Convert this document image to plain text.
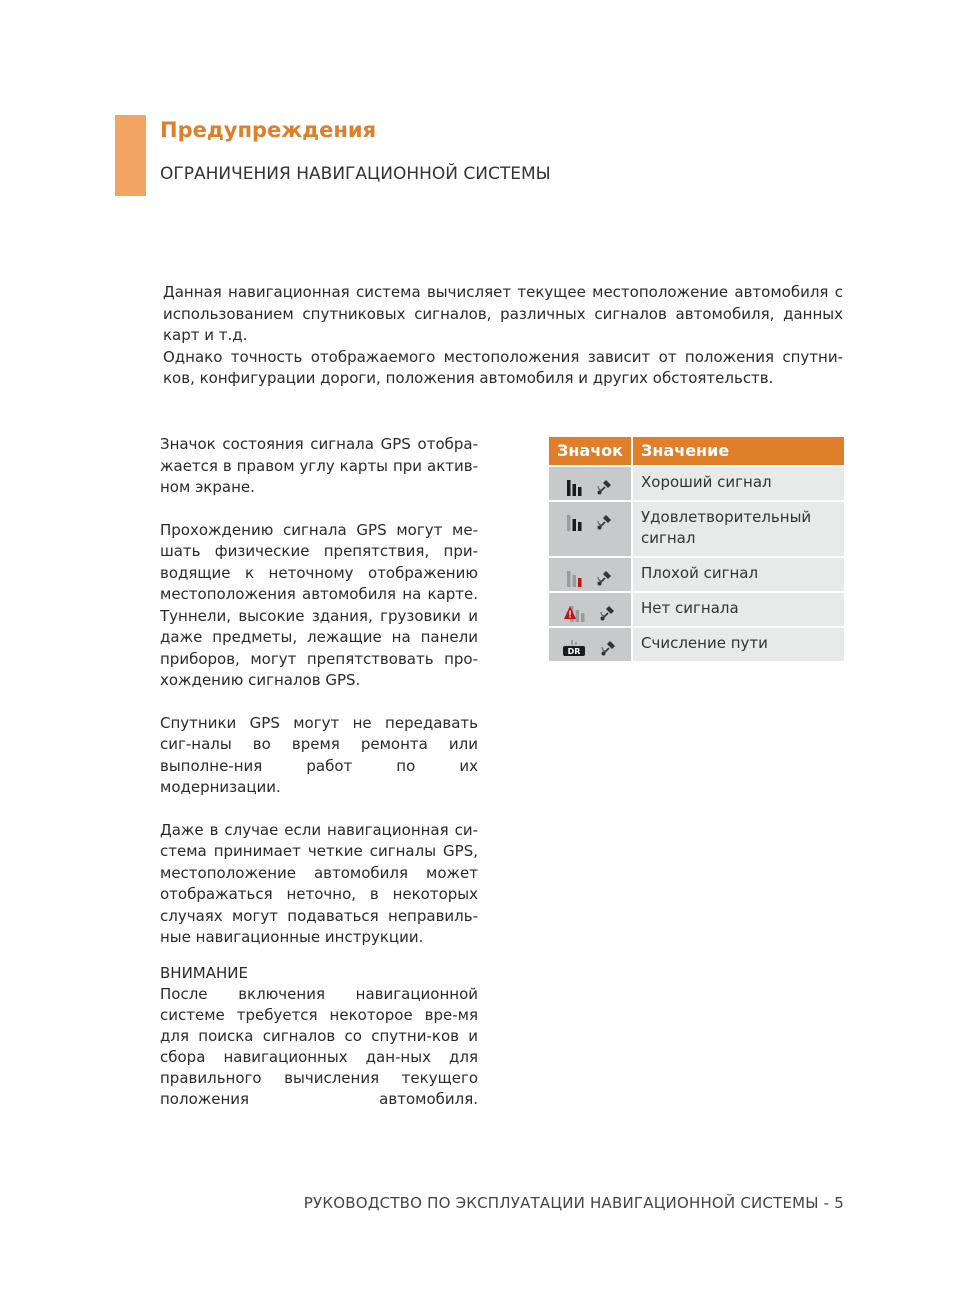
Предупреждения
ОГРАНИЧЕНИЯ НАВИГАЦИОННОЙ СИСТЕМЫ

Данная навигационная система вычисляет текущее местоположение автомобиля с использованием спутниковых сигналов, различных сигналов автомобиля, данных карт и т.д.

Однако точность отображаемого местоположения зависит от положения спутни-ков, конфигурации дороги, положения автомобиля и других обстоятельств.

Значок состояния сигнала GPS отобра-жается в правом углу карты при актив-ном экране.

Прохождению сигнала GPS могут ме-шать физические препятствия, при-водящие к неточному отображению местоположения автомобиля на карте. Туннели, высокие здания, грузовики и даже предметы, лежащие на панели приборов, могут препятствовать про-хождению сигналов GPS.

Спутники GPS могут не передавать сиг-налы во время ремонта или выполне-ния работ по их модернизации.

Даже в случае если навигационная си-стема принимает четкие сигналы GPS, местоположение автомобиля может отображаться неточно, в некоторых случаях могут подаваться неправиль-ные навигационные инструкции.

ВНИМАНИЕ
После включения навигационной системе требуется некоторое вре-мя для поиска сигналов со спутни-ков и сбора навигационных дан-ных для правильного вычисления текущего положения автомобиля.
Значок	Значение
Хороший сигнал
Удовлетворительный сигнал
Плохой сигнал
Нет сигнала
DR	Счисление пути
РУКОВОДСТВО ПО ЭКСПЛУАТАЦИИ НАВИГАЦИОННОЙ СИСТЕМЫ - 5
